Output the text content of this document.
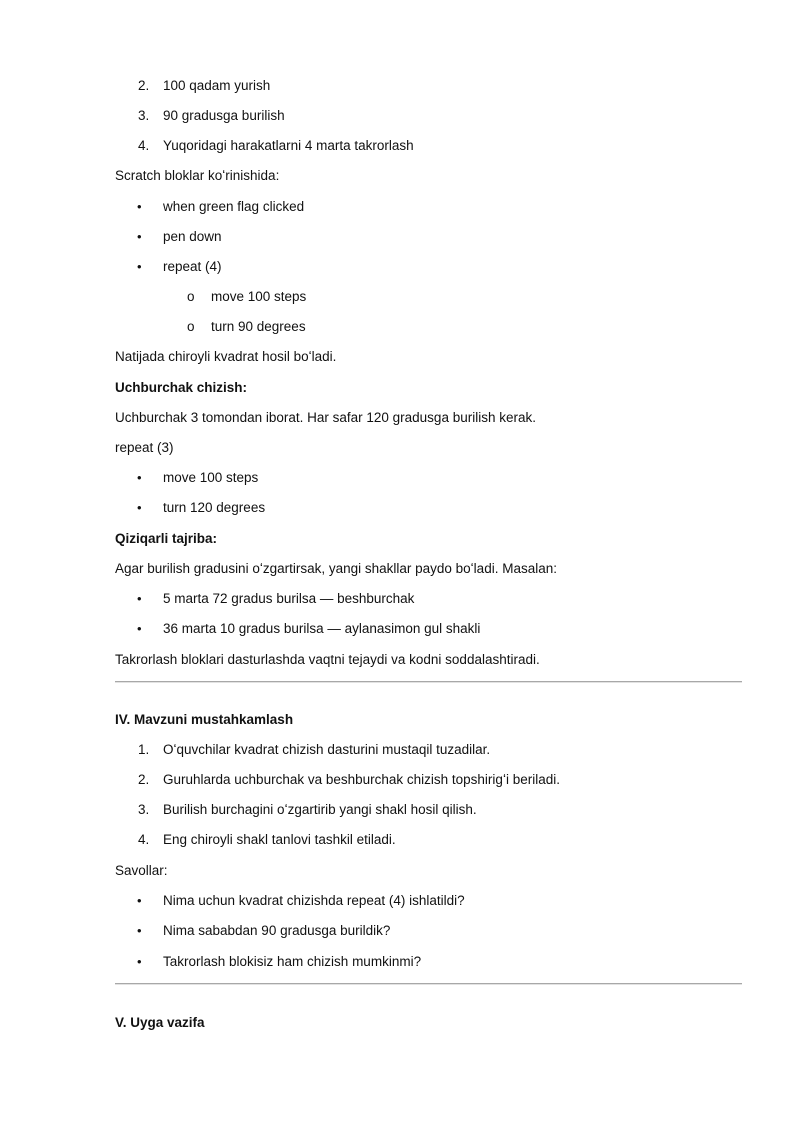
2. 100 qadam yurish
3. 90 gradusga burilish
4. Yuqoridagi harakatlarni 4 marta takrorlash
Scratch bloklar koʻrinishida:
• when green flag clicked
• pen down
• repeat (4)
o move 100 steps
o turn 90 degrees
Natijada chiroyli kvadrat hosil boʻladi.
Uchburchak chizish:
Uchburchak 3 tomondan iborat. Har safar 120 gradusga burilish kerak.
repeat (3)
• move 100 steps
• turn 120 degrees
Qiziqarli tajriba:
Agar burilish gradusini oʻzgartirsak, yangi shakllar paydo boʻladi. Masalan:
• 5 marta 72 gradus burilsa — beshburchak
• 36 marta 10 gradus burilsa — aylanasimon gul shakli
Takrorlash bloklari dasturlashda vaqtni tejaydi va kodni soddalashtiradi.
IV. Mavzuni mustahkamlash
1. Oʻquvchilar kvadrat chizish dasturini mustaqil tuzadilar.
2. Guruhlarda uchburchak va beshburchak chizish topshirigʻi beriladi.
3. Burilish burchagini oʻzgartirib yangi shakl hosil qilish.
4. Eng chiroyli shakl tanlovi tashkil etiladi.
Savollar:
• Nima uchun kvadrat chizishda repeat (4) ishlatildi?
• Nima sababdan 90 gradusga burildik?
• Takrorlash blokisiz ham chizish mumkinmi?
V. Uyga vazifa
